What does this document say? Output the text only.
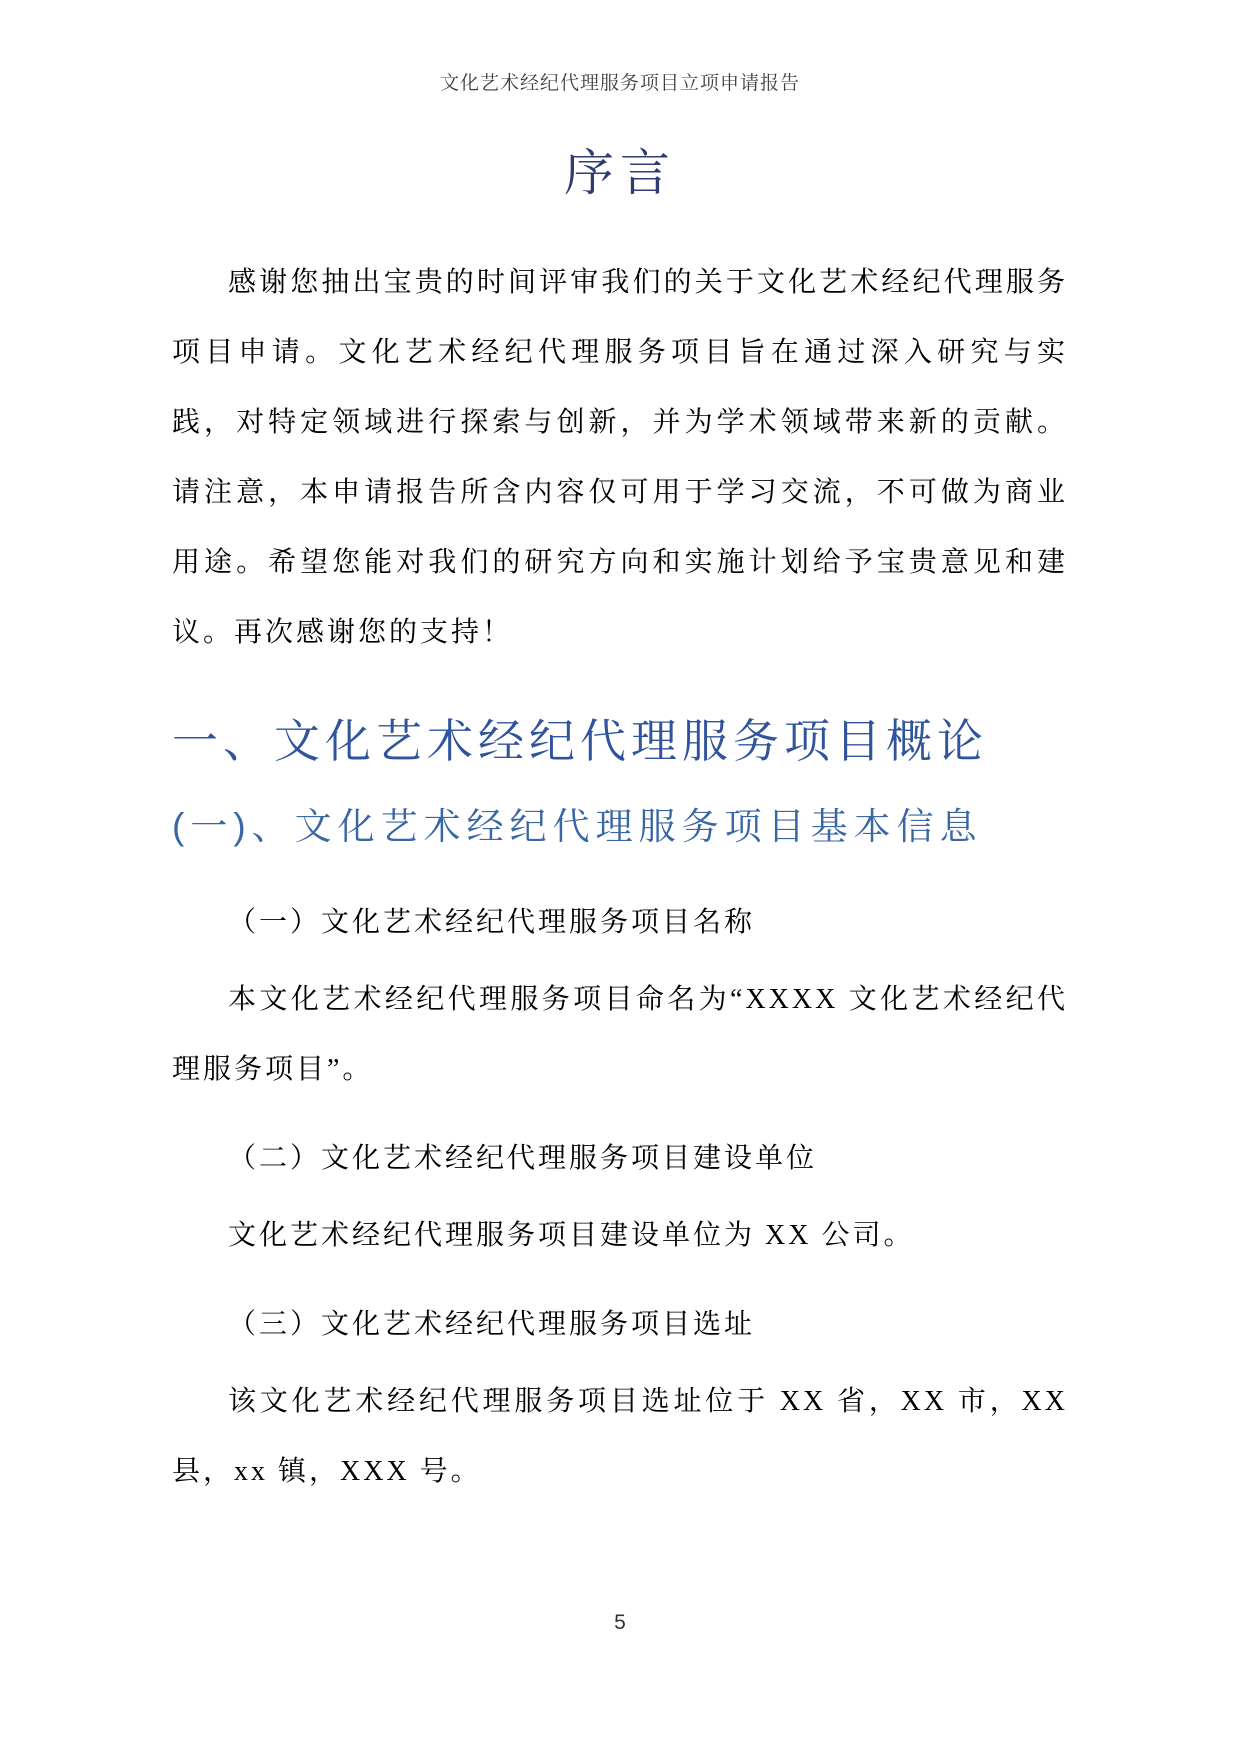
文化艺术经纪代理服务项目立项申请报告
序言
感谢您抽出宝贵的时间评审我们的关于文化艺术经纪代理服务项目申请。文化艺术经纪代理服务项目旨在通过深入研究与实践，对特定领域进行探索与创新，并为学术领域带来新的贡献。请注意，本申请报告所含内容仅可用于学习交流，不可做为商业用途。希望您能对我们的研究方向和实施计划给予宝贵意见和建议。再次感谢您的支持！
一、文化艺术经纪代理服务项目概论
(一)、文化艺术经纪代理服务项目基本信息
（一）文化艺术经纪代理服务项目名称
本文化艺术经纪代理服务项目命名为“XXXX 文化艺术经纪代理服务项目”。
（二）文化艺术经纪代理服务项目建设单位
文化艺术经纪代理服务项目建设单位为 XX 公司。
（三）文化艺术经纪代理服务项目选址
该文化艺术经纪代理服务项目选址位于 XX 省，XX 市，XX 县，xx 镇，XXX 号。
5
